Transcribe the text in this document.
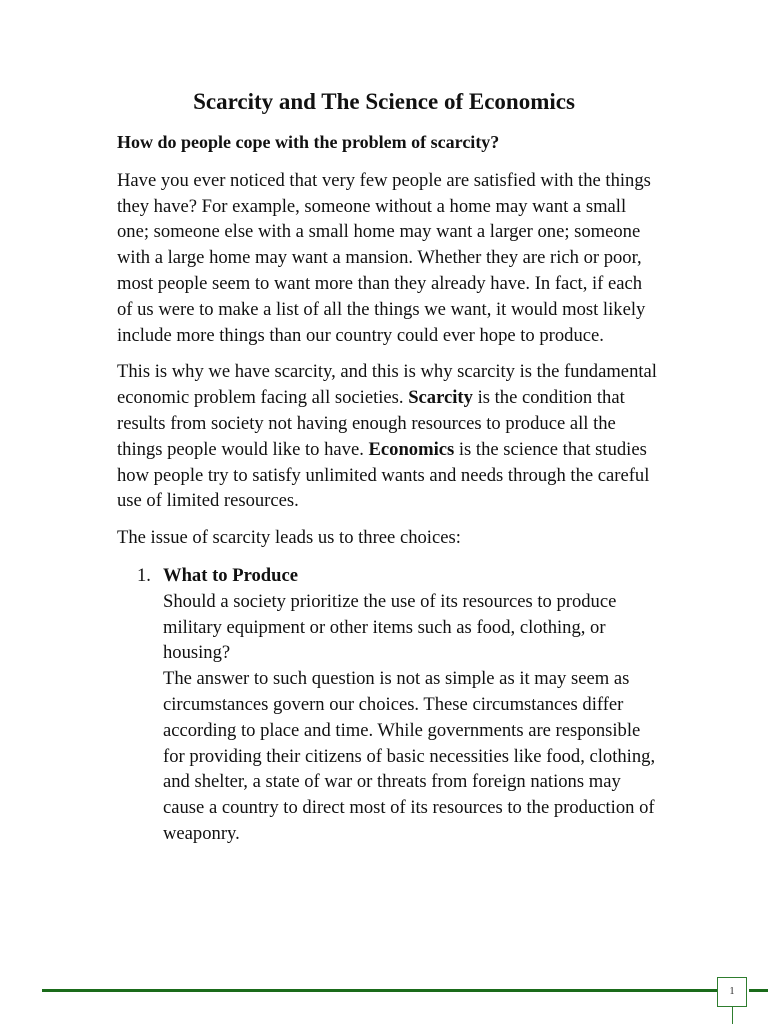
Scarcity and The Science of Economics

How do people cope with the problem of scarcity?

Have you ever noticed that very few people are satisfied with the things they have? For example, someone without a home may want a small one; someone else with a small home may want a larger one; someone with a large home may want a mansion. Whether they are rich or poor, most people seem to want more than they already have. In fact, if each of us were to make a list of all the things we want, it would most likely include more things than our country could ever hope to produce.

This is why we have scarcity, and this is why scarcity is the fundamental economic problem facing all societies. Scarcity is the condition that results from society not having enough resources to produce all the things people would like to have. Economics is the science that studies how people try to satisfy unlimited wants and needs through the careful use of limited resources.

The issue of scarcity leads us to three choices:

1. What to Produce
Should a society prioritize the use of its resources to produce military equipment or other items such as food, clothing, or housing?
The answer to such question is not as simple as it may seem as circumstances govern our choices. These circumstances differ according to place and time. While governments are responsible for providing their citizens of basic necessities like food, clothing, and shelter, a state of war or threats from foreign nations may cause a country to direct most of its resources to the production of weaponry.
1
